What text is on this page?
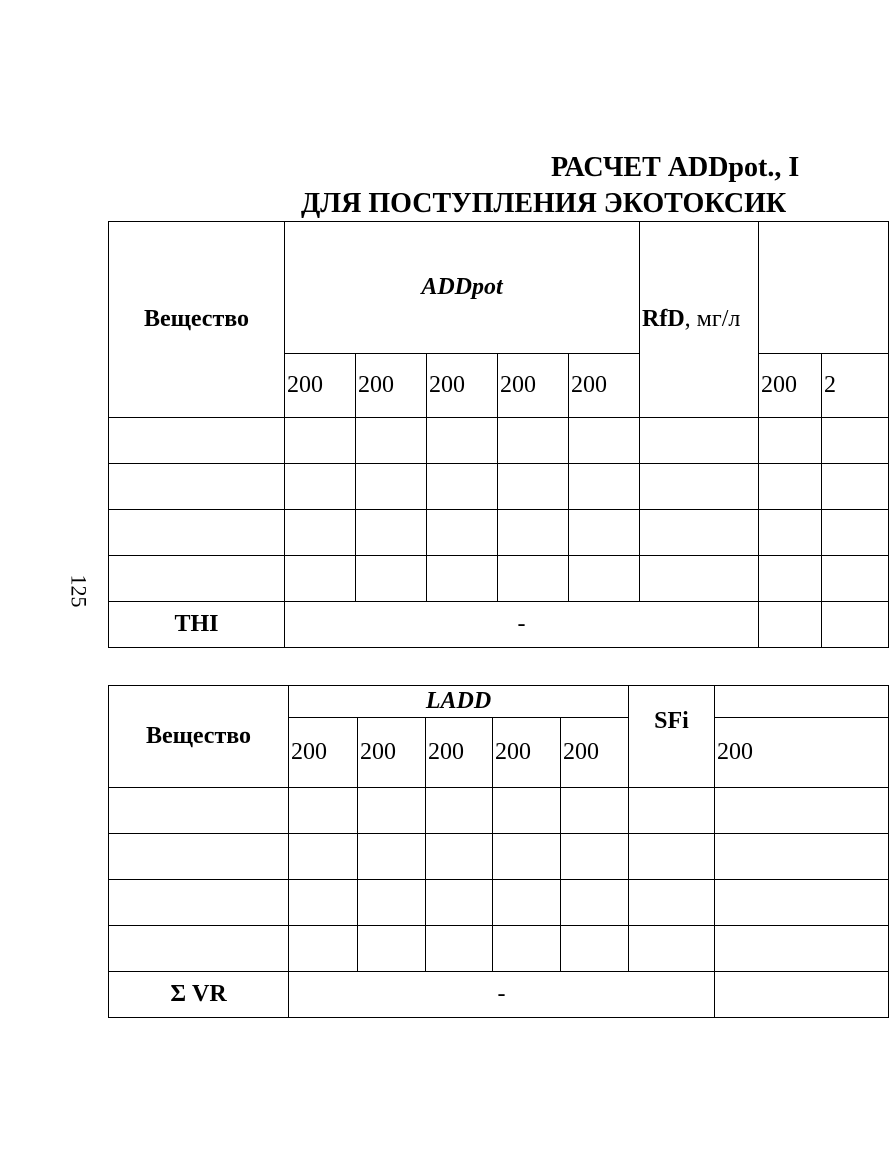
РАСЧЕТ ADDpot., I
ДЛЯ ПОСТУПЛЕНИЯ ЭКОТОКСИК
125
Вещество	ADDpot					RfD, мг/л		
	200	200	200	200	200		200	2

THI	-							
Вещество	LADD					SFi	
	200	200	200	200	200		200

Σ VR	-						
